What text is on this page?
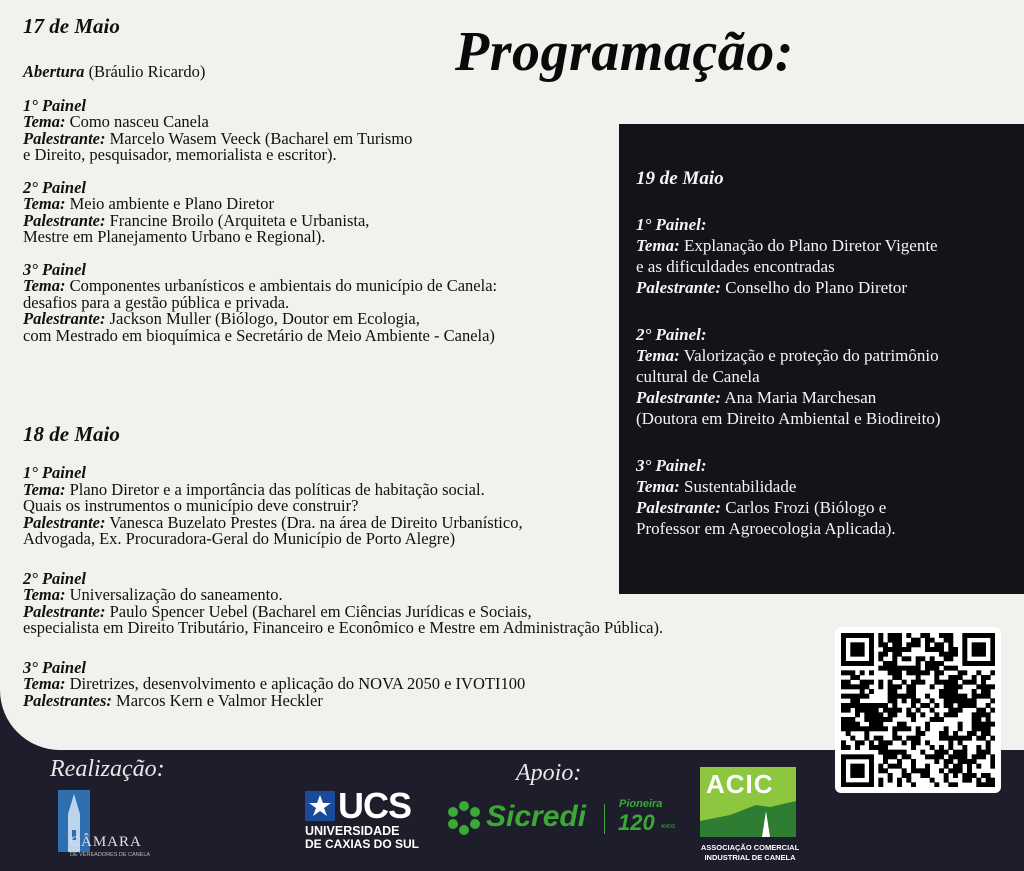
Programação:

17 de Maio

Abertura (Bráulio Ricardo)

1° Painel

Tema: Como nasceu Canela

Palestrante: Marcelo Wasem Veeck (Bacharel em Turismo

e Direito, pesquisador, memorialista e escritor).

2° Painel

Tema: Meio ambiente e Plano Diretor

Palestrante: Francine Broilo (Arquiteta e Urbanista,

Mestre em Planejamento Urbano e Regional).

3° Painel

Tema: Componentes urbanísticos e ambientais do município de Canela:

desafios para a gestão pública e privada.

Palestrante: Jackson Muller (Biólogo, Doutor em Ecologia,

com Mestrado em bioquímica e Secretário de Meio Ambiente - Canela)

18 de Maio

1° Painel

Tema: Plano Diretor e a importância das políticas de habitação social.

Quais os instrumentos o município deve construir?

Palestrante: Vanesca Buzelato Prestes (Dra. na área de Direito Urbanístico,

Advogada, Ex. Procuradora-Geral do Município de Porto Alegre)

2° Painel

Tema: Universalização do saneamento.

Palestrante: Paulo Spencer Uebel (Bacharel em Ciências Jurídicas e Sociais,

especialista em Direito Tributário, Financeiro e Econômico e Mestre em Administração Pública).

3° Painel

Tema: Diretrizes, desenvolvimento e aplicação do NOVA 2050 e IVOTI100

Palestrantes: Marcos Kern e Valmor Heckler

19 de Maio

1° Painel:

Tema: Explanação do Plano Diretor Vigente

e as dificuldades encontradas

Palestrante: Conselho do Plano Diretor

2° Painel:

Tema: Valorização e proteção do patrimônio

cultural de Canela

Palestrante: Ana Maria Marchesan

(Doutora em Direito Ambiental e Biodireito)

3° Painel:

Tema: Sustentabilidade

Palestrante: Carlos Frozi (Biólogo e

Professor em Agroecologia Aplicada).

Realização:	Apoio:
CÂMARA
DE VEREADORES DE CANELA
UCS
UNIVERSIDADE
DE CAXIAS DO SUL
Sicredi	Pioneira
120 ANOS
ACIC
ASSOCIAÇÃO COMERCIAL
INDUSTRIAL DE CANELA
